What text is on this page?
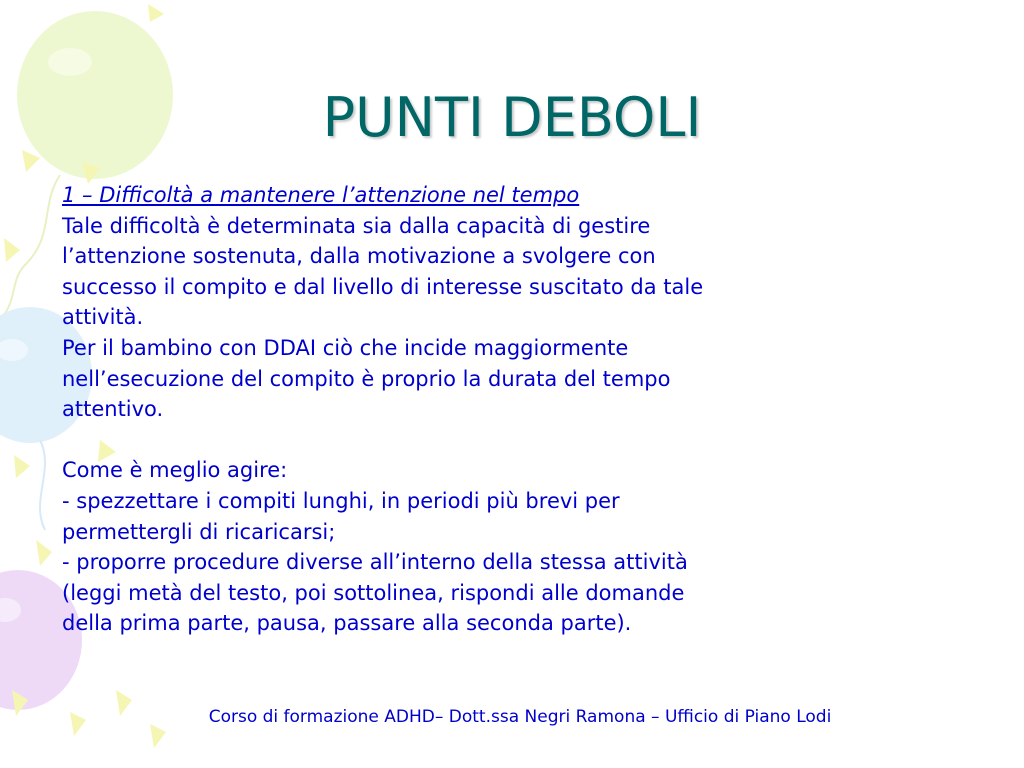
PUNTI DEBOLI

1 – Difficoltà a mantenere l’attenzione nel tempo

Tale difficoltà è determinata sia dalla capacità di gestire

l’attenzione sostenuta, dalla motivazione a svolgere con

successo il compito e dal livello di interesse suscitato da tale

attività.

Per il bambino con DDAI ciò che incide maggiormente

nell’esecuzione del compito è proprio la durata del tempo

attentivo.

Come è meglio agire:

- spezzettare i compiti lunghi, in periodi più brevi per

permettergli di ricaricarsi;

- proporre procedure diverse all’interno della stessa attività

(leggi metà del testo, poi sottolinea, rispondi alle domande

della prima parte, pausa, passare alla seconda parte).

Corso di formazione ADHD– Dott.ssa Negri Ramona – Ufficio di Piano Lodi
